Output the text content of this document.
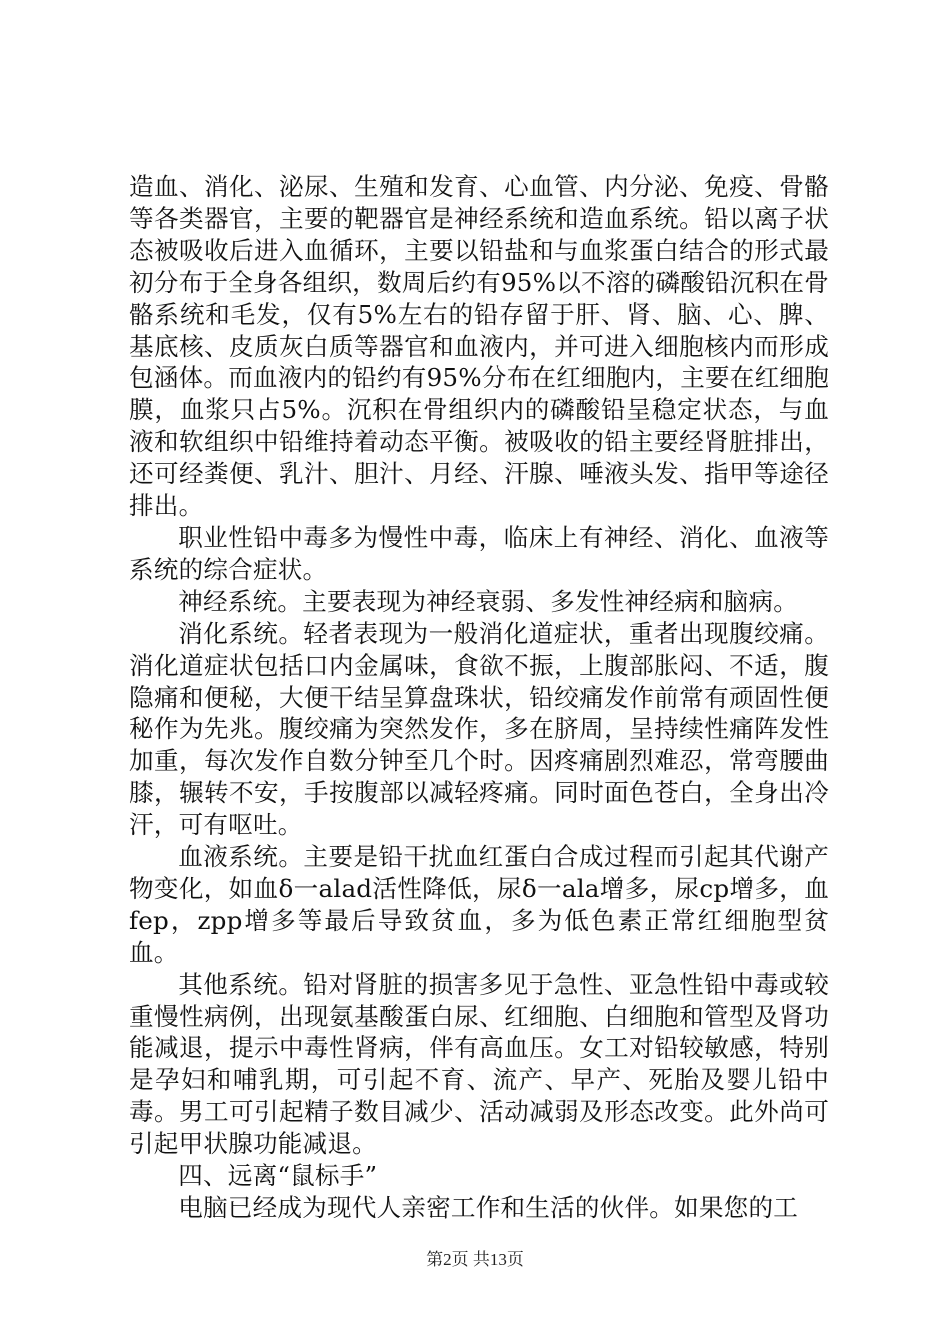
造血、消化、泌尿、生殖和发育、心血管、内分泌、免疫、骨骼等各类器官，主要的靶器官是神经系统和造血系统。铅以离子状态被吸收后进入血循环，主要以铅盐和与血浆蛋白结合的形式最初分布于全身各组织，数周后约有95%以不溶的磷酸铅沉积在骨骼系统和毛发，仅有5%左右的铅存留于肝、肾、脑、心、脾、基底核、皮质灰白质等器官和血液内，并可进入细胞核内而形成包涵体。而血液内的铅约有95%分布在红细胞内，主要在红细胞膜，血浆只占5%。沉积在骨组织内的磷酸铅呈稳定状态，与血液和软组织中铅维持着动态平衡。被吸收的铅主要经肾脏排出，还可经粪便、乳汁、胆汁、月经、汗腺、唾液头发、指甲等途径排出。

职业性铅中毒多为慢性中毒，临床上有神经、消化、血液等系统的综合症状。

神经系统。主要表现为神经衰弱、多发性神经病和脑病。

消化系统。轻者表现为一般消化道症状，重者出现腹绞痛。消化道症状包括口内金属味，食欲不振，上腹部胀闷、不适，腹隐痛和便秘，大便干结呈算盘珠状，铅绞痛发作前常有顽固性便秘作为先兆。腹绞痛为突然发作，多在脐周，呈持续性痛阵发性加重，每次发作自数分钟至几个时。因疼痛剧烈难忍，常弯腰曲膝，辗转不安，手按腹部以减轻疼痛。同时面色苍白，全身出冷汗，可有呕吐。

血液系统。主要是铅干扰血红蛋白合成过程而引起其代谢产物变化，如血δ一alad活性降低，尿δ一ala增多，尿cp增多，血fep，zpp增多等最后导致贫血，多为低色素正常红细胞型贫血。

其他系统。铅对肾脏的损害多见于急性、亚急性铅中毒或较重慢性病例，出现氨基酸蛋白尿、红细胞、白细胞和管型及肾功能减退，提示中毒性肾病，伴有高血压。女工对铅较敏感，特别是孕妇和哺乳期，可引起不育、流产、早产、死胎及婴儿铅中毒。男工可引起精子数目减少、活动减弱及形态改变。此外尚可引起甲状腺功能减退。

四、远离“鼠标手”

电脑已经成为现代人亲密工作和生活的伙伴。如果您的工

第2页 共13页
